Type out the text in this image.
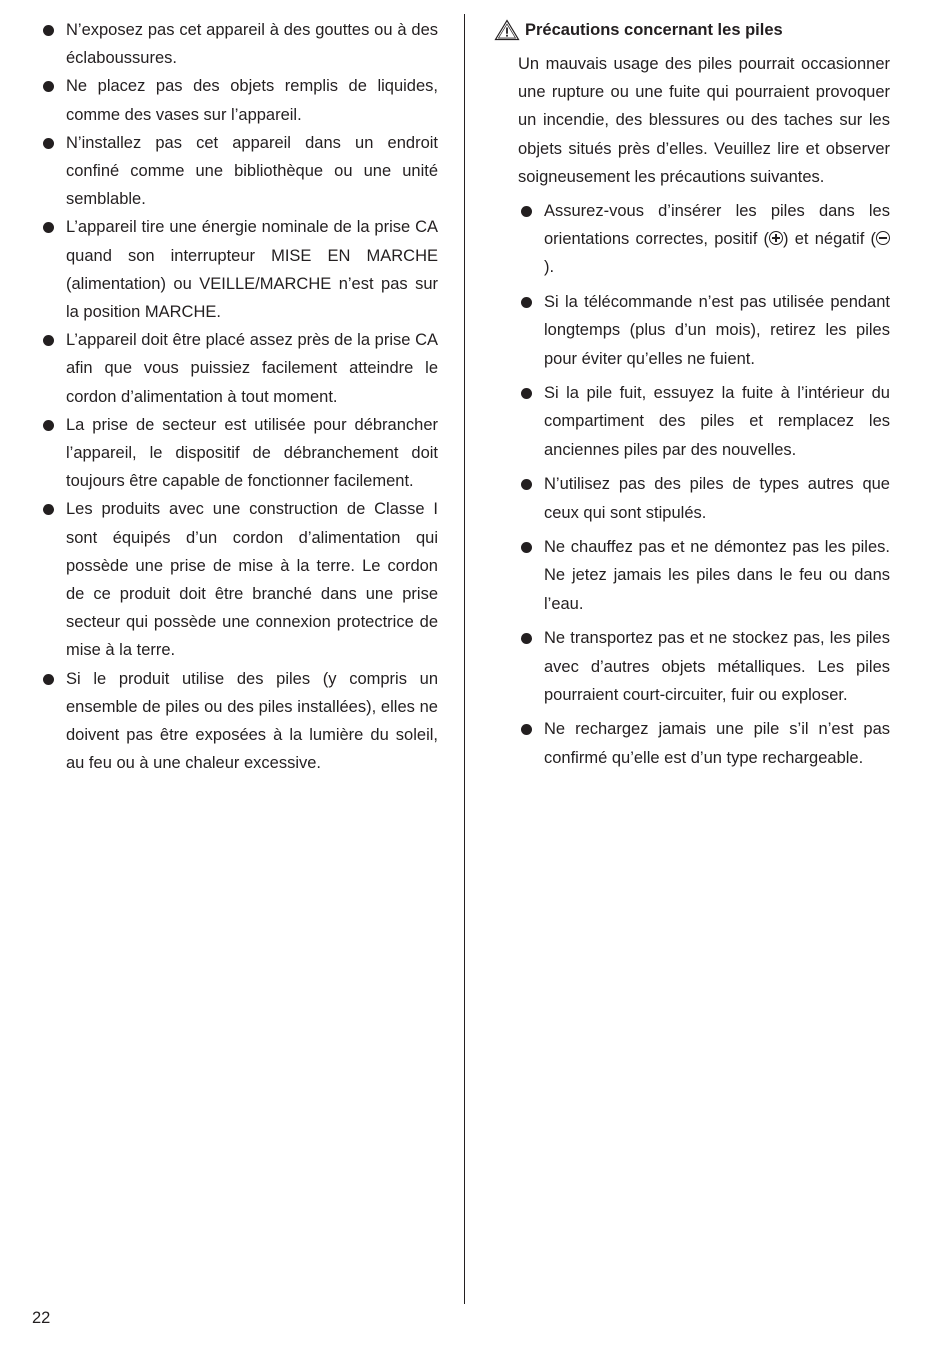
N’exposez pas cet appareil à des gouttes ou à des éclaboussures.
Ne placez pas des objets remplis de liquides, comme des vases sur l’appareil.
N’installez pas cet appareil dans un endroit confiné comme une bibliothèque ou une unité semblable.
L’appareil tire une énergie nominale de la prise CA quand son interrupteur MISE EN MARCHE (alimentation) ou VEILLE/MARCHE n’est pas sur la position MARCHE.
L’appareil doit être placé assez près de la prise CA afin que vous puissiez facilement atteindre le cordon d’alimentation à tout moment.
La prise de secteur est utilisée pour débrancher l’appareil, le dispositif de débranchement doit toujours être capable de fonctionner facilement.
Les produits avec une construction de Classe I sont équipés d’un cordon d’alimentation qui possède une prise de mise à la terre. Le cordon de ce produit doit être branché dans une prise secteur qui possède une connexion protectrice de mise à la terre.
Si le produit utilise des piles (y compris un ensemble de piles ou des piles installées), elles ne doivent pas être exposées à la lumière du soleil, au feu ou à une chaleur excessive.
Précautions concernant les piles

Un mauvais usage des piles pourrait occasionner une rupture ou une fuite qui pourraient provoquer un incendie, des blessures ou des taches sur les objets situés près d’elles. Veuillez lire et observer soigneusement les précautions suivantes.

Assurez-vous d’insérer les piles dans les orientations correctes, positif ( ) et négatif ().
Si la télécommande n’est pas utilisée pendant longtemps (plus d’un mois), retirez les piles pour éviter qu’elles ne fuient.
Si la pile fuit, essuyez la fuite à l’intérieur du compartiment des piles et remplacez les anciennes piles par des nouvelles.
N’utilisez pas des piles de types autres que ceux qui sont stipulés.
Ne chauffez pas et ne démontez pas les piles. Ne jetez jamais les piles dans le feu ou dans l’eau.
Ne transportez pas et ne stockez pas, les piles avec d’autres objets métalliques. Les piles pourraient court-circuiter, fuir ou exploser.
Ne rechargez jamais une pile s’il n’est pas confirmé qu’elle est d’un type rechargeable.
22
